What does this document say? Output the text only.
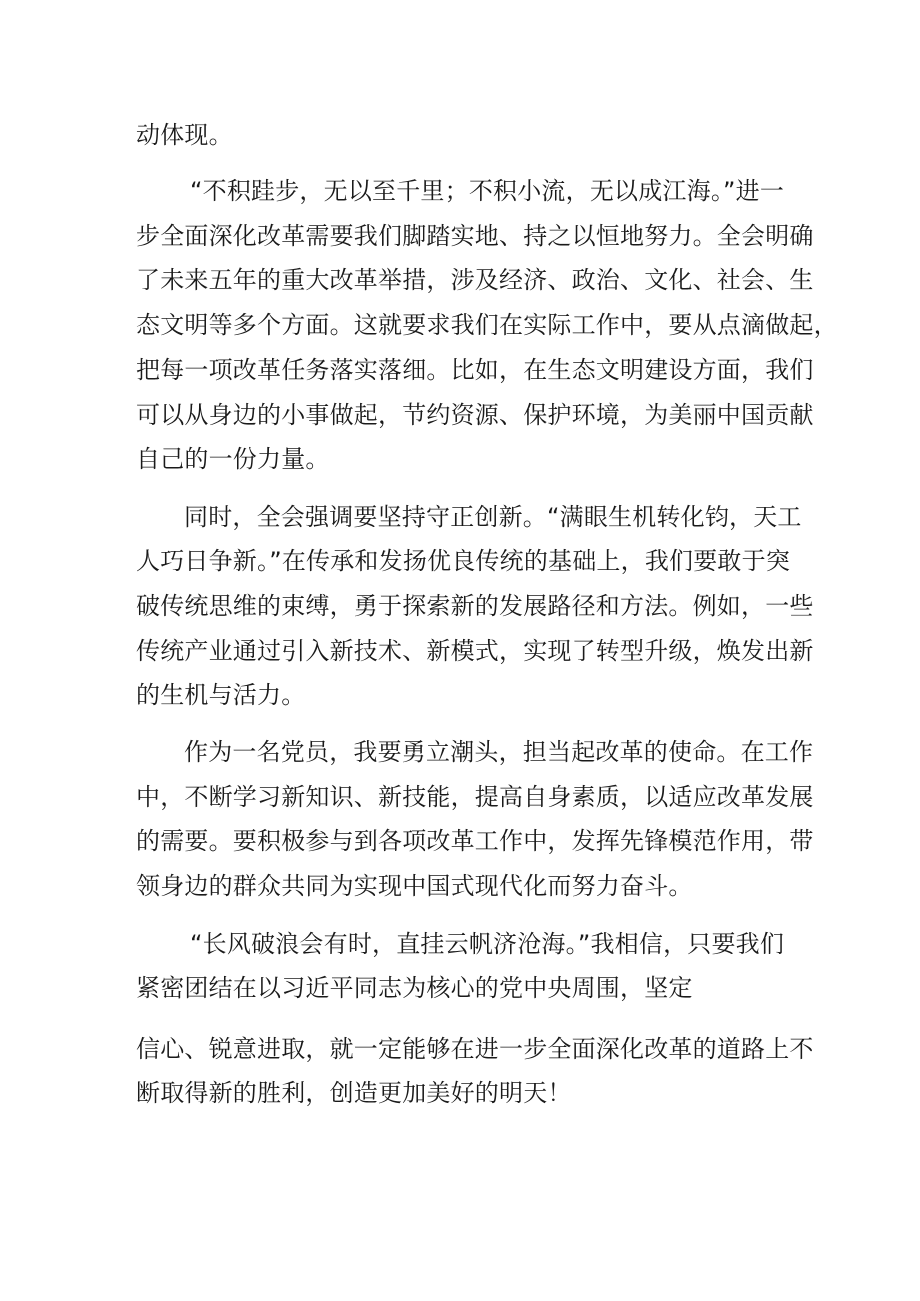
动体现。
“不积跬步，无以至千里；不积小流，无以成江海。”进一
步全面深化改革需要我们脚踏实地、持之以恒地努力。全会明确
了未来五年的重大改革举措，涉及经济、政治、文化、社会、生
态文明等多个方面。这就要求我们在实际工作中，要从点滴做起，
把每一项改革任务落实落细。比如，在生态文明建设方面，我们
可以从身边的小事做起，节约资源、保护环境，为美丽中国贡献
自己的一份力量。
同时，全会强调要坚持守正创新。“满眼生机转化钧，天工
人巧日争新。”在传承和发扬优良传统的基础上，我们要敢于突
破传统思维的束缚，勇于探索新的发展路径和方法。例如，一些
传统产业通过引入新技术、新模式，实现了转型升级，焕发出新
的生机与活力。
作为一名党员，我要勇立潮头，担当起改革的使命。在工作
中，不断学习新知识、新技能，提高自身素质，以适应改革发展
的需要。要积极参与到各项改革工作中，发挥先锋模范作用，带
领身边的群众共同为实现中国式现代化而努力奋斗。
“长风破浪会有时，直挂云帆济沧海。”我相信，只要我们
紧密团结在以习近平同志为核心的党中央周围，坚定
信心、锐意进取，就一定能够在进一步全面深化改革的道路上不
断取得新的胜利，创造更加美好的明天！
